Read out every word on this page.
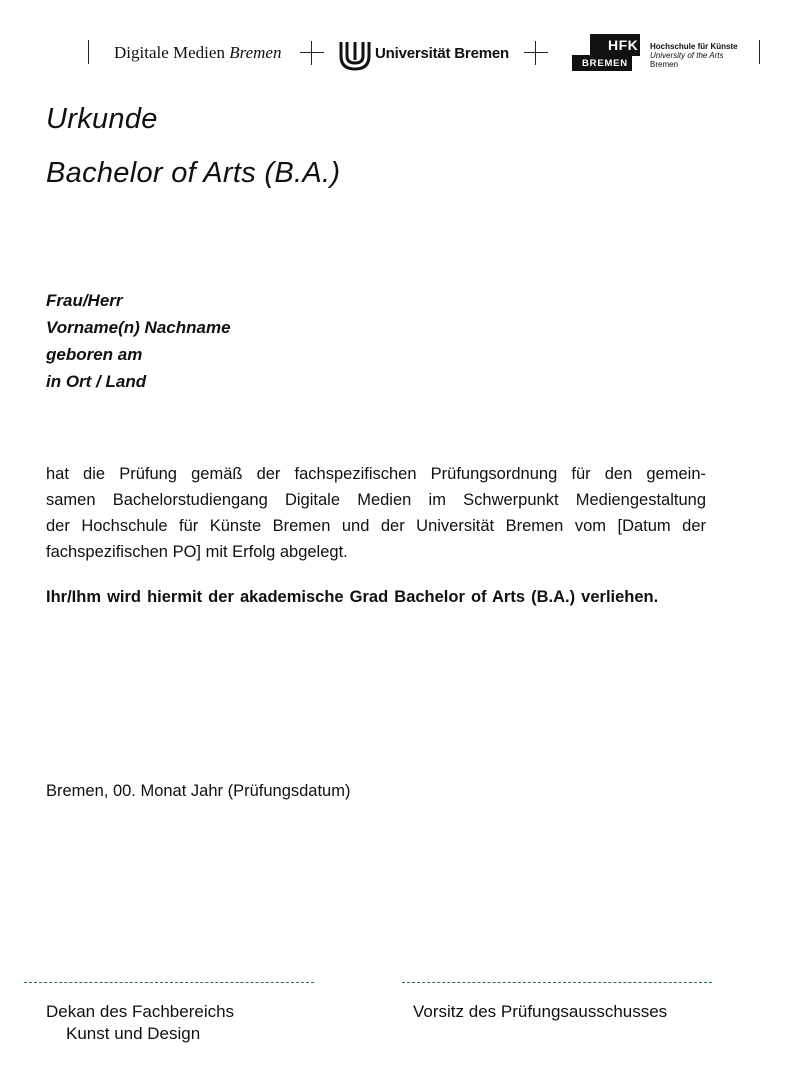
Digitale Medien Bremen	Universität Bremen	HFK
BREMEN
Hochschule für Künste
University of the Arts
Bremen
Urkunde
Bachelor of Arts (B.A.)
Frau/Herr
Vorname(n) Nachname
geboren am
in Ort / Land
hat die Prüfung gemäß der fachspezifischen Prüfungsordnung für den gemein-
samen Bachelorstudiengang Digitale Medien im Schwerpunkt Mediengestaltung
der Hochschule für Künste Bremen und der Universität Bremen vom [Datum der
fachspezifischen PO] mit Erfolg abgelegt.
Ihr/Ihm wird hiermit der akademische Grad Bachelor of Arts (B.A.) verliehen.
Bremen, 00. Monat Jahr (Prüfungsdatum)
Dekan des Fachbereichs
Kunst und Design
Vorsitz des Prüfungsausschusses
